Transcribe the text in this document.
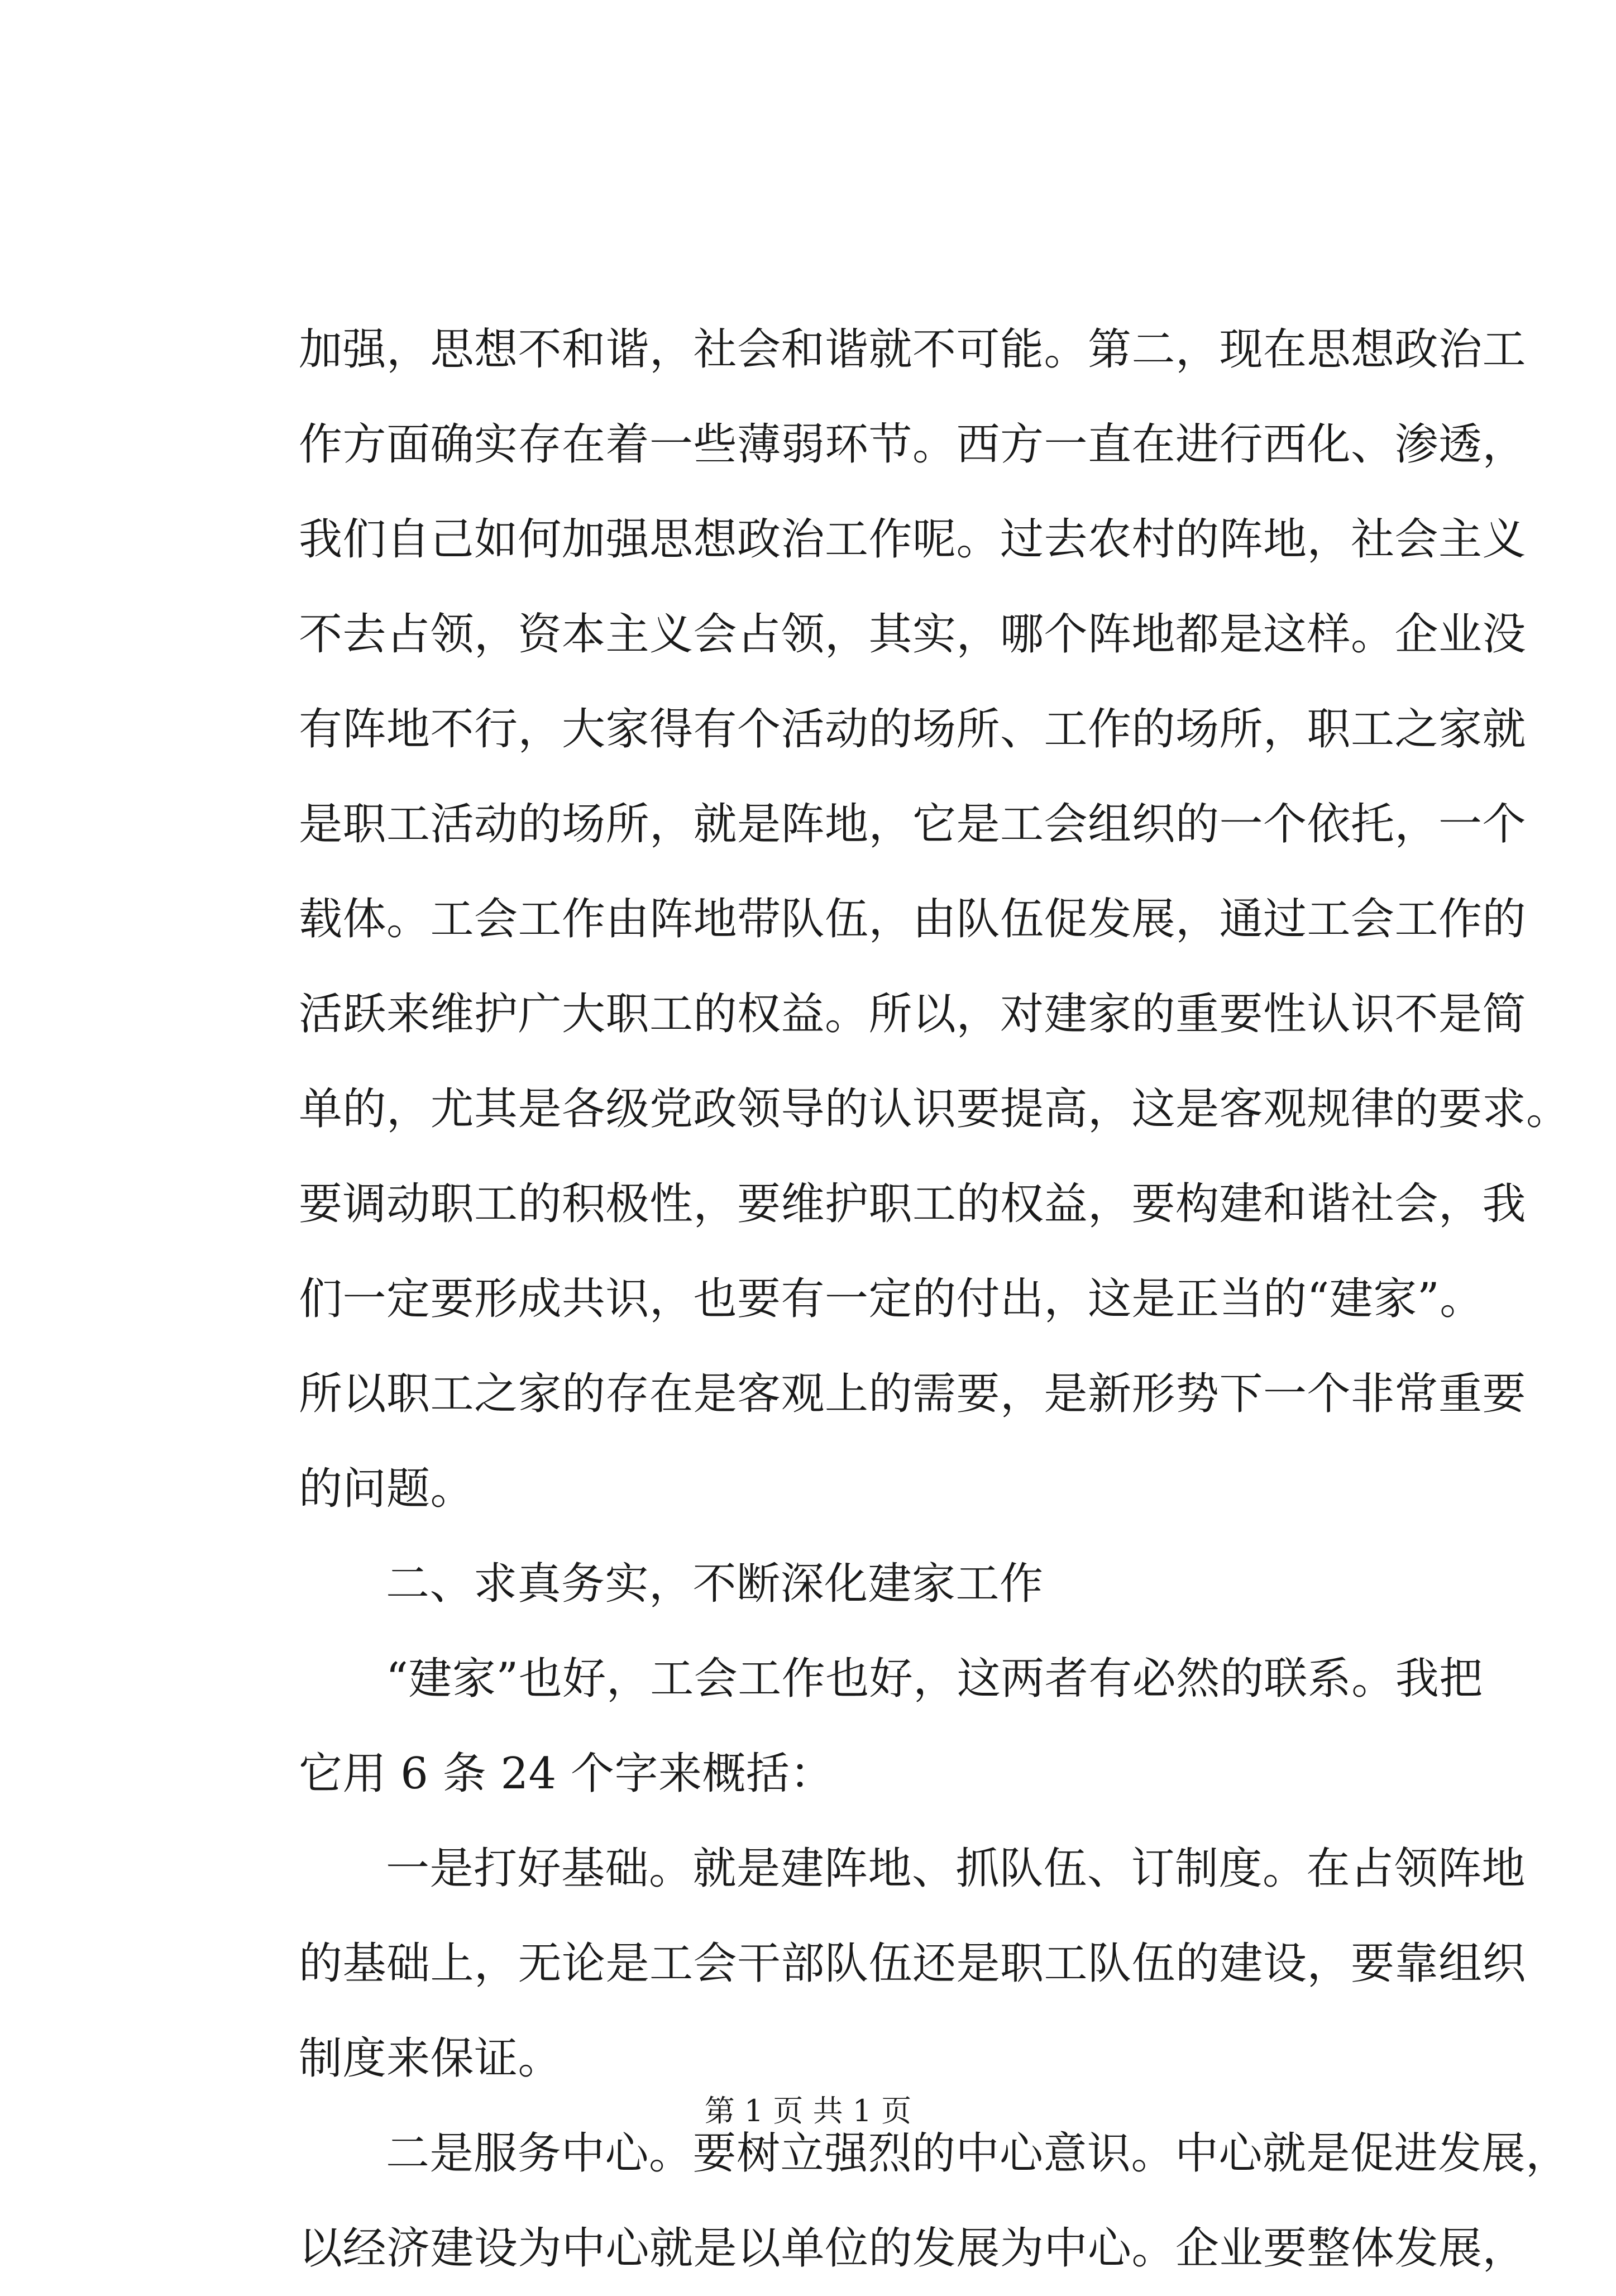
加强，思想不和谐，社会和谐就不可能。第二，现在思想政治工
作方面确实存在着一些薄弱环节。西方一直在进行西化、渗透，
我们自己如何加强思想政治工作呢。过去农村的阵地，社会主义
不去占领，资本主义会占领，其实，哪个阵地都是这样。企业没
有阵地不行，大家得有个活动的场所、工作的场所，职工之家就
是职工活动的场所，就是阵地，它是工会组织的一个依托，一个
载体。工会工作由阵地带队伍，由队伍促发展，通过工会工作的
活跃来维护广大职工的权益。所以，对建家的重要性认识不是简
单的，尤其是各级党政领导的认识要提高，这是客观规律的要求。
要调动职工的积极性，要维护职工的权益，要构建和谐社会，我
们一定要形成共识，也要有一定的付出，这是正当的“建家”。
所以职工之家的存在是客观上的需要，是新形势下一个非常重要
的问题。
二、求真务实，不断深化建家工作
“建家”也好，工会工作也好，这两者有必然的联系。我把
它用 6 条 24 个字来概括：
一是打好基础。就是建阵地、抓队伍、订制度。在占领阵地
的基础上，无论是工会干部队伍还是职工队伍的建设，要靠组织
制度来保证。
二是服务中心。要树立强烈的中心意识。中心就是促进发展，
以经济建设为中心就是以单位的发展为中心。企业要整体发展，
第 1 页 共 1 页
